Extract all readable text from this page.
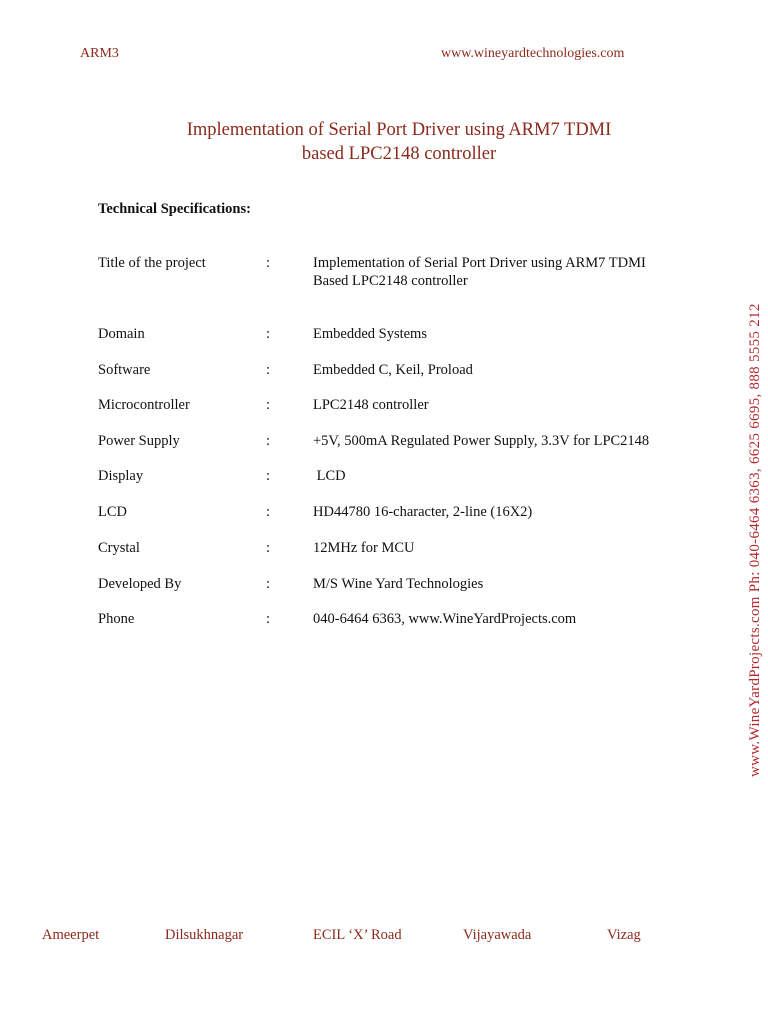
ARM3	www.wineyardtechnologies.com
Implementation of Serial Port Driver using ARM7 TDMI
based LPC2148 controller
Technical Specifications:
Title of the project	:	Implementation of Serial Port Driver using ARM7 TDMI
Based LPC2148 controller
Domain	:	Embedded Systems
Software	:	Embedded C, Keil, Proload
Microcontroller	:	LPC2148 controller
Power Supply	:	+5V, 500mA Regulated Power Supply, 3.3V for LPC2148
Display	:	LCD
LCD	:	HD44780 16-character, 2-line (16X2)
Crystal	:	12MHz for MCU
Developed By	:	M/S Wine Yard Technologies
Phone	:	040-6464 6363, www.WineYardProjects.com	www.WineYardProjects.com Ph: 040-6464 6363, 6625 6695, 888 5555 212
Ameerpet	Dilsukhnagar	ECIL ‘X’ Road	Vijayawada	Vizag
